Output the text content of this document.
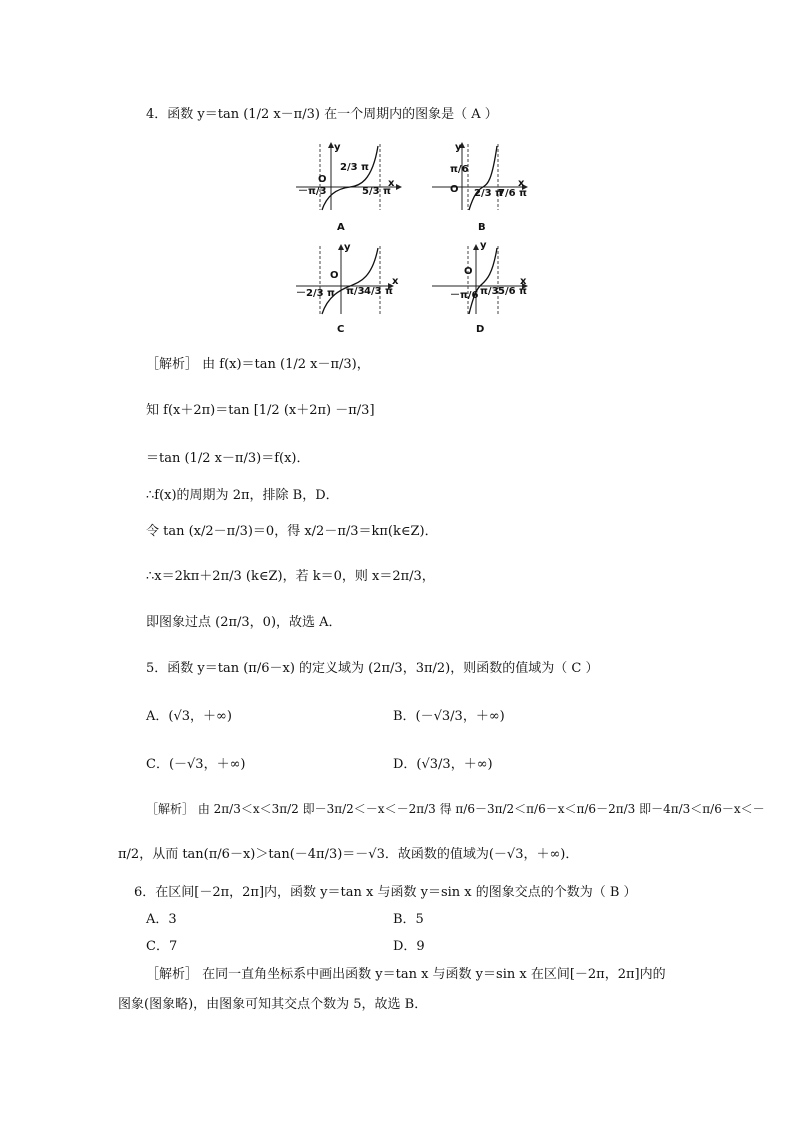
4．函数 y＝tan (1/2 x－π/3) 在一个周期内的图象是（ A ）
－π/3
O
2/3 π
5/3 π
y
x
A
π/6
O 2/3 π
7/6 π
y
x
B
－2/3 π
O
π/3 4/3 π
y
x
C
－π/6
O
π/3 5/6 π
y
x
D
［解析］ 由 f(x)＝tan (1/2 x－π/3)，
知 f(x＋2π)＝tan [1/2 (x＋2π) －π/3]
＝tan (1/2 x－π/3)＝f(x)．
∴f(x)的周期为 2π，排除 B，D．
令 tan (x/2－π/3)＝0，得 x/2－π/3＝kπ(k∈Z)．
∴x＝2kπ＋2π/3 (k∈Z)，若 k＝0，则 x＝2π/3，
即图象过点 (2π/3，0)，故选 A．
5．函数 y＝tan (π/6－x) 的定义域为 (2π/3，3π/2)，则函数的值域为（ C ）
A．(√3，＋∞)	B．(－√3/3，＋∞)
C．(－√3，＋∞)	D．(√3/3，＋∞)
［解析］ 由 2π/3＜x＜3π/2 即－3π/2＜－x＜－2π/3 得 π/6－3π/2＜π/6－x＜π/6－2π/3 即－4π/3＜π/6－x＜－
π/2，从而 tan(π/6－x)＞tan(－4π/3)＝－√3．故函数的值域为(－√3，＋∞)．
6．在区间[－2π，2π]内，函数 y＝tan x 与函数 y＝sin x 的图象交点的个数为（ B ）
A．3	B．5
C．7	D．9
［解析］ 在同一直角坐标系中画出函数 y＝tan x 与函数 y＝sin x 在区间[－2π，2π]内的
图象(图象略)，由图象可知其交点个数为 5，故选 B．
